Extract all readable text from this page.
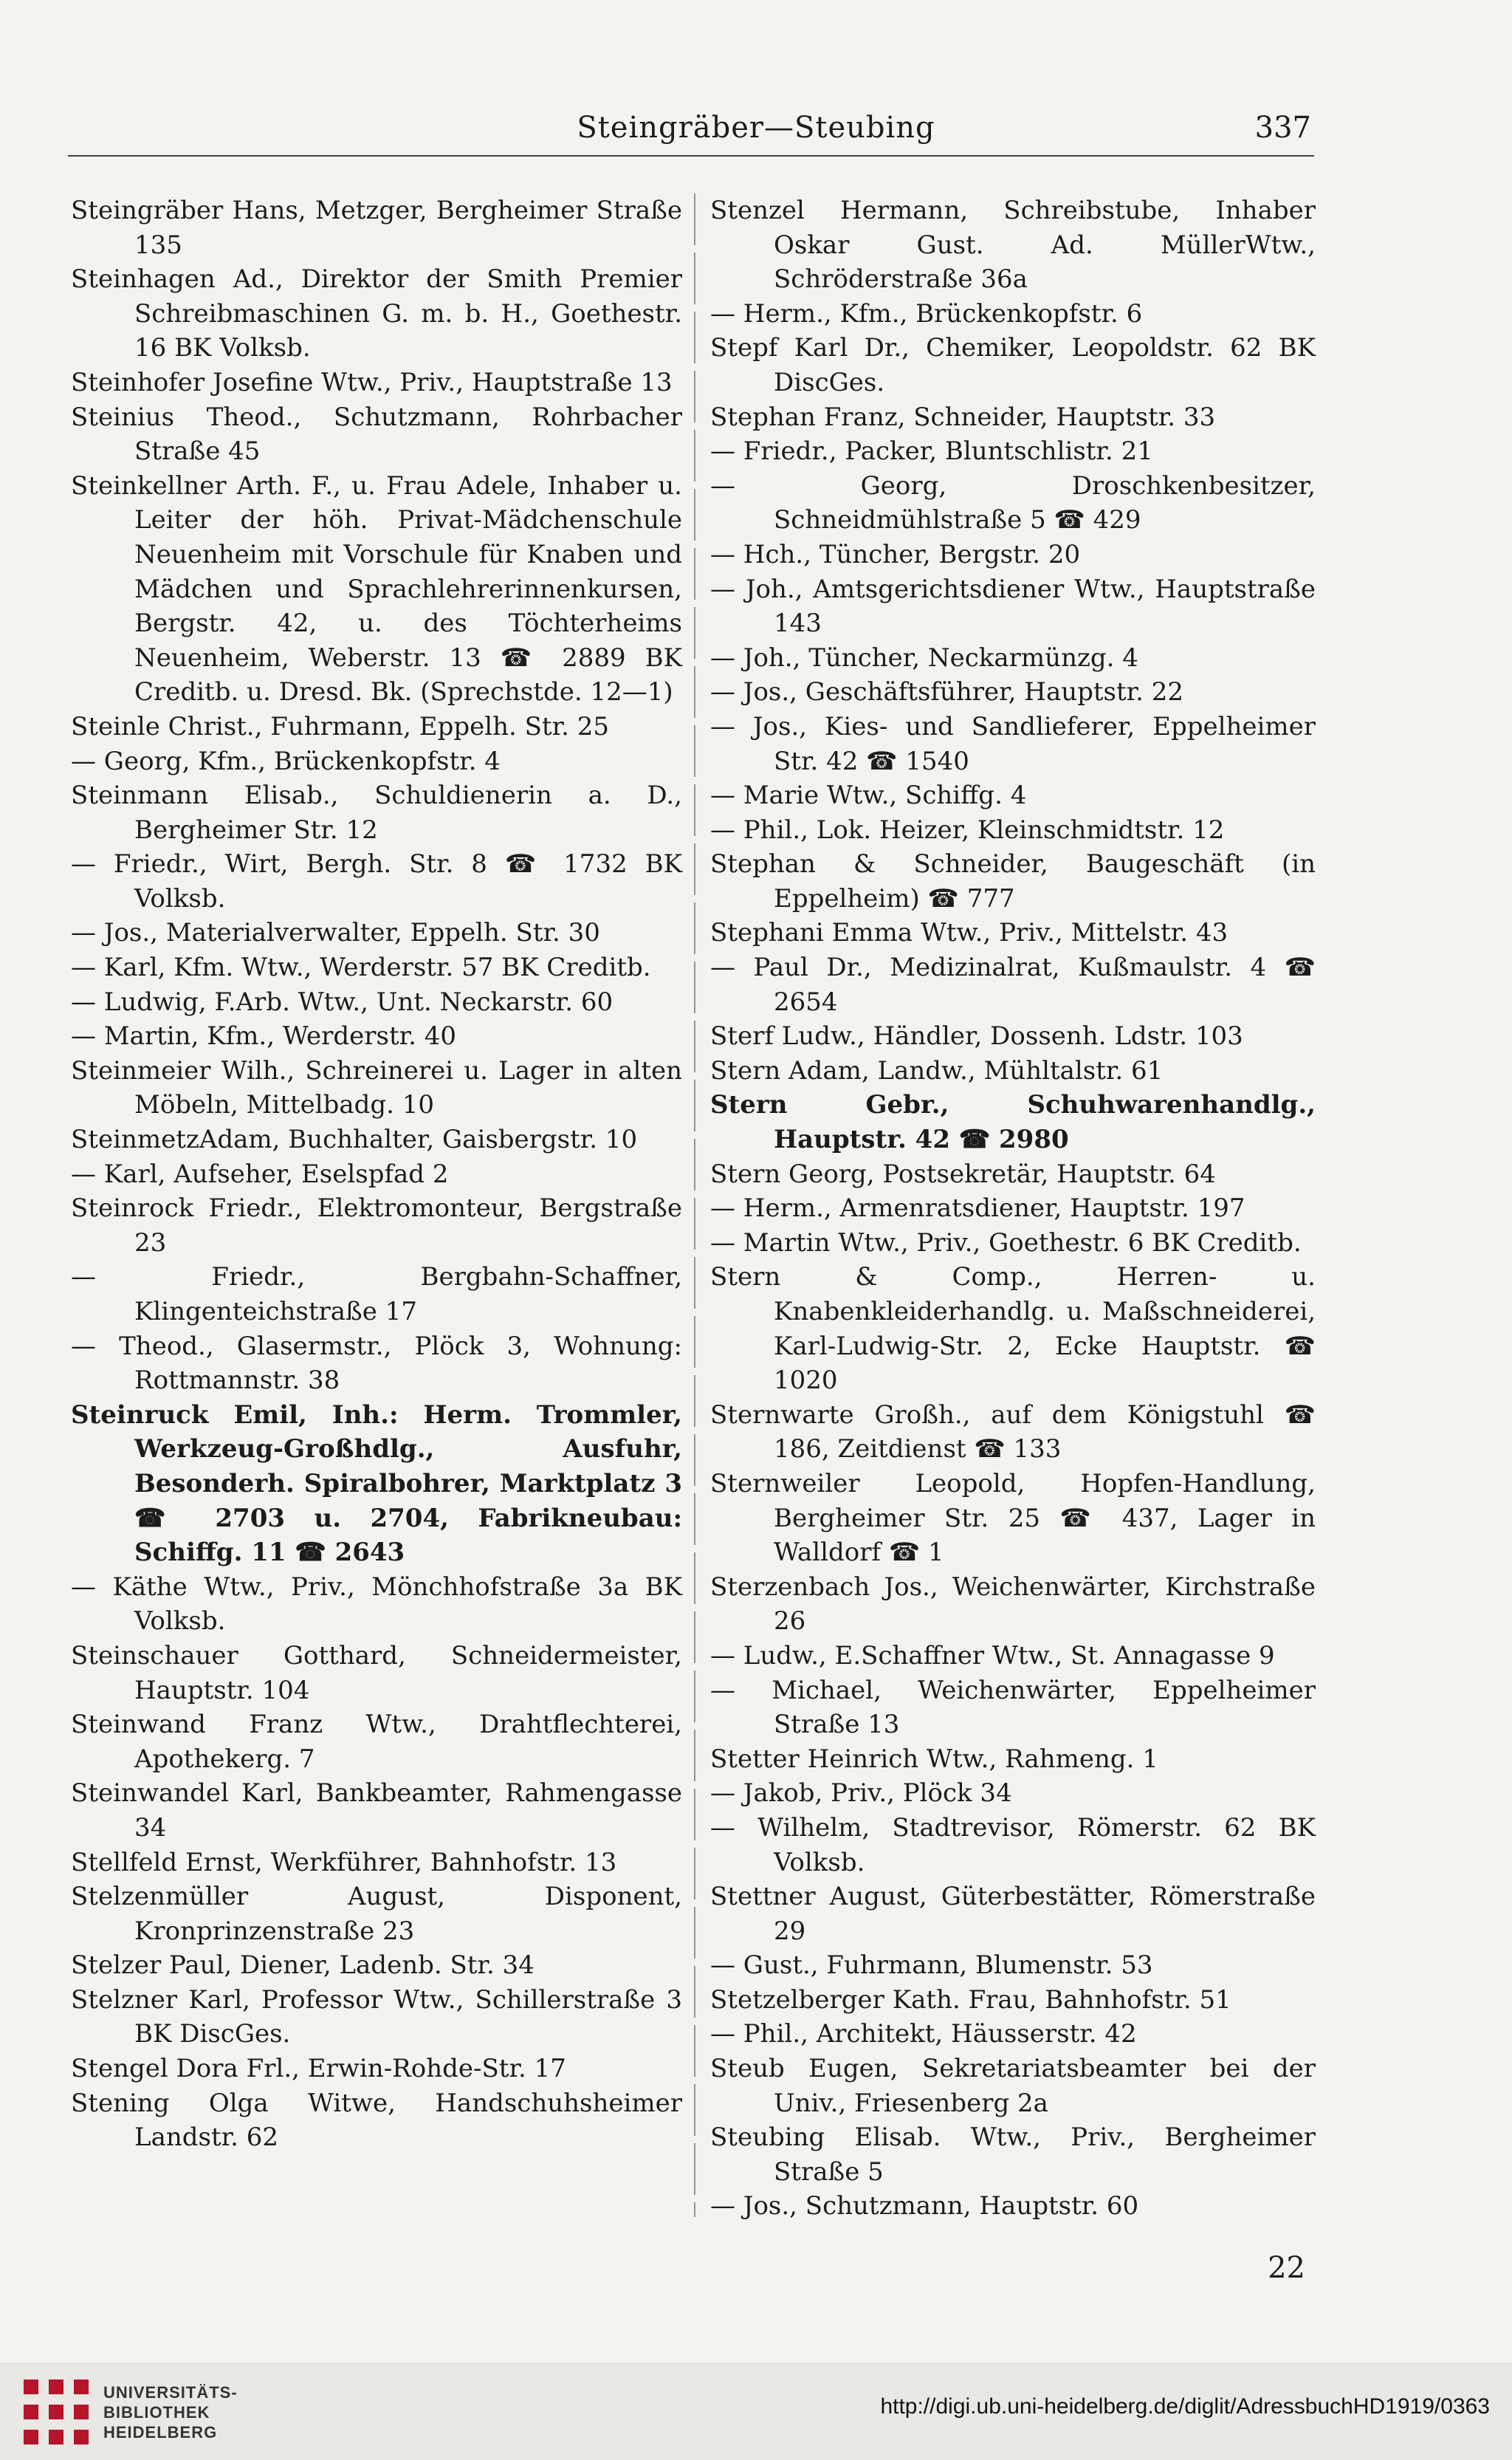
Steingräber—Steubing	337

Steingräber Hans, Metzger, Bergheimer Straße 135

Steinhagen Ad., Direktor der Smith Premier Schreibmaschinen G. m. b. H., Goethestr. 16 BK Volksb.

Steinhofer Josefine Wtw., Priv., Hauptstraße 13

Steinius Theod., Schutzmann, Rohrbacher Straße 45

Steinkellner Arth. F., u. Frau Adele, Inhaber u. Leiter der höh. Privat-Mädchenschule Neuenheim mit Vorschule für Knaben und Mädchen und Sprachlehrerinnenkursen, Bergstr. 42, u. des Töchterheims Neuenheim, Weberstr. 13 ☎ 2889 BK Creditb. u. Dresd. Bk. (Sprechstde. 12—1)

Steinle Christ., Fuhrmann, Eppelh. Str. 25

— Georg, Kfm., Brückenkopfstr. 4

Steinmann Elisab., Schuldienerin a. D., Bergheimer Str. 12

— Friedr., Wirt, Bergh. Str. 8 ☎ 1732 BK Volksb.

— Jos., Materialverwalter, Eppelh. Str. 30

— Karl, Kfm. Wtw., Werderstr. 57 BK Creditb.

— Ludwig, F.Arb. Wtw., Unt. Neckarstr. 60

— Martin, Kfm., Werderstr. 40

Steinmeier Wilh., Schreinerei u. Lager in alten Möbeln, Mittelbadg. 10

SteinmetzAdam, Buchhalter, Gaisbergstr. 10

— Karl, Aufseher, Eselspfad 2

Steinrock Friedr., Elektromonteur, Bergstraße 23

— Friedr., Bergbahn-Schaffner, Klingenteichstraße 17

— Theod., Glasermstr., Plöck 3, Wohnung: Rottmannstr. 38

Steinruck Emil, Inh.: Herm. Trommler, Werkzeug-Großhdlg., Ausfuhr, Besonderh. Spiralbohrer, Marktplatz 3 ☎ 2703 u. 2704, Fabrikneubau: Schiffg. 11 ☎ 2643

— Käthe Wtw., Priv., Mönchhofstraße 3a BK Volksb.

Steinschauer Gotthard, Schneidermeister, Hauptstr. 104

Steinwand Franz Wtw., Drahtflechterei, Apothekerg. 7

Steinwandel Karl, Bankbeamter, Rahmengasse 34

Stellfeld Ernst, Werkführer, Bahnhofstr. 13

Stelzenmüller August, Disponent, Kronprinzenstraße 23

Stelzer Paul, Diener, Ladenb. Str. 34

Stelzner Karl, Professor Wtw., Schillerstraße 3 BK DiscGes.

Stengel Dora Frl., Erwin-Rohde-Str. 17

Stening Olga Witwe, Handschuhsheimer Landstr. 62

Stenzel Hermann, Schreibstube, Inhaber Oskar Gust. Ad. MüllerWtw., Schröderstraße 36a

— Herm., Kfm., Brückenkopfstr. 6

Stepf Karl Dr., Chemiker, Leopoldstr. 62 BK DiscGes.

Stephan Franz, Schneider, Hauptstr. 33

— Friedr., Packer, Bluntschlistr. 21

— Georg, Droschkenbesitzer, Schneidmühlstraße 5 ☎ 429

— Hch., Tüncher, Bergstr. 20

— Joh., Amtsgerichtsdiener Wtw., Hauptstraße 143

— Joh., Tüncher, Neckarmünzg. 4

— Jos., Geschäftsführer, Hauptstr. 22

— Jos., Kies- und Sandlieferer, Eppelheimer Str. 42 ☎ 1540

— Marie Wtw., Schiffg. 4

— Phil., Lok. Heizer, Kleinschmidtstr. 12

Stephan & Schneider, Baugeschäft (in Eppelheim) ☎ 777

Stephani Emma Wtw., Priv., Mittelstr. 43

— Paul Dr., Medizinalrat, Kußmaulstr. 4 ☎ 2654

Sterf Ludw., Händler, Dossenh. Ldstr. 103

Stern Adam, Landw., Mühltalstr. 61

Stern Gebr., Schuhwarenhandlg., Hauptstr. 42 ☎ 2980

Stern Georg, Postsekretär, Hauptstr. 64

— Herm., Armenratsdiener, Hauptstr. 197

— Martin Wtw., Priv., Goethestr. 6 BK Creditb.

Stern & Comp., Herren- u. Knabenkleiderhandlg. u. Maßschneiderei, Karl-Ludwig-Str. 2, Ecke Hauptstr. ☎ 1020

Sternwarte Großh., auf dem Königstuhl ☎ 186, Zeitdienst ☎ 133

Sternweiler Leopold, Hopfen-Handlung, Bergheimer Str. 25 ☎ 437, Lager in Walldorf ☎ 1

Sterzenbach Jos., Weichenwärter, Kirchstraße 26

— Ludw., E.Schaffner Wtw., St. Annagasse 9

— Michael, Weichenwärter, Eppelheimer Straße 13

Stetter Heinrich Wtw., Rahmeng. 1

— Jakob, Priv., Plöck 34

— Wilhelm, Stadtrevisor, Römerstr. 62 BK Volksb.

Stettner August, Güterbestätter, Römerstraße 29

— Gust., Fuhrmann, Blumenstr. 53

Stetzelberger Kath. Frau, Bahnhofstr. 51

— Phil., Architekt, Häusserstr. 42

Steub Eugen, Sekretariatsbeamter bei der Univ., Friesenberg 2a

Steubing Elisab. Wtw., Priv., Bergheimer Straße 5

— Jos., Schutzmann, Hauptstr. 60

22
UNIVERSITÄTS-
BIBLIOTHEK
HEIDELBERG
http://digi.ub.uni-heidelberg.de/diglit/AdressbuchHD1919/0363
